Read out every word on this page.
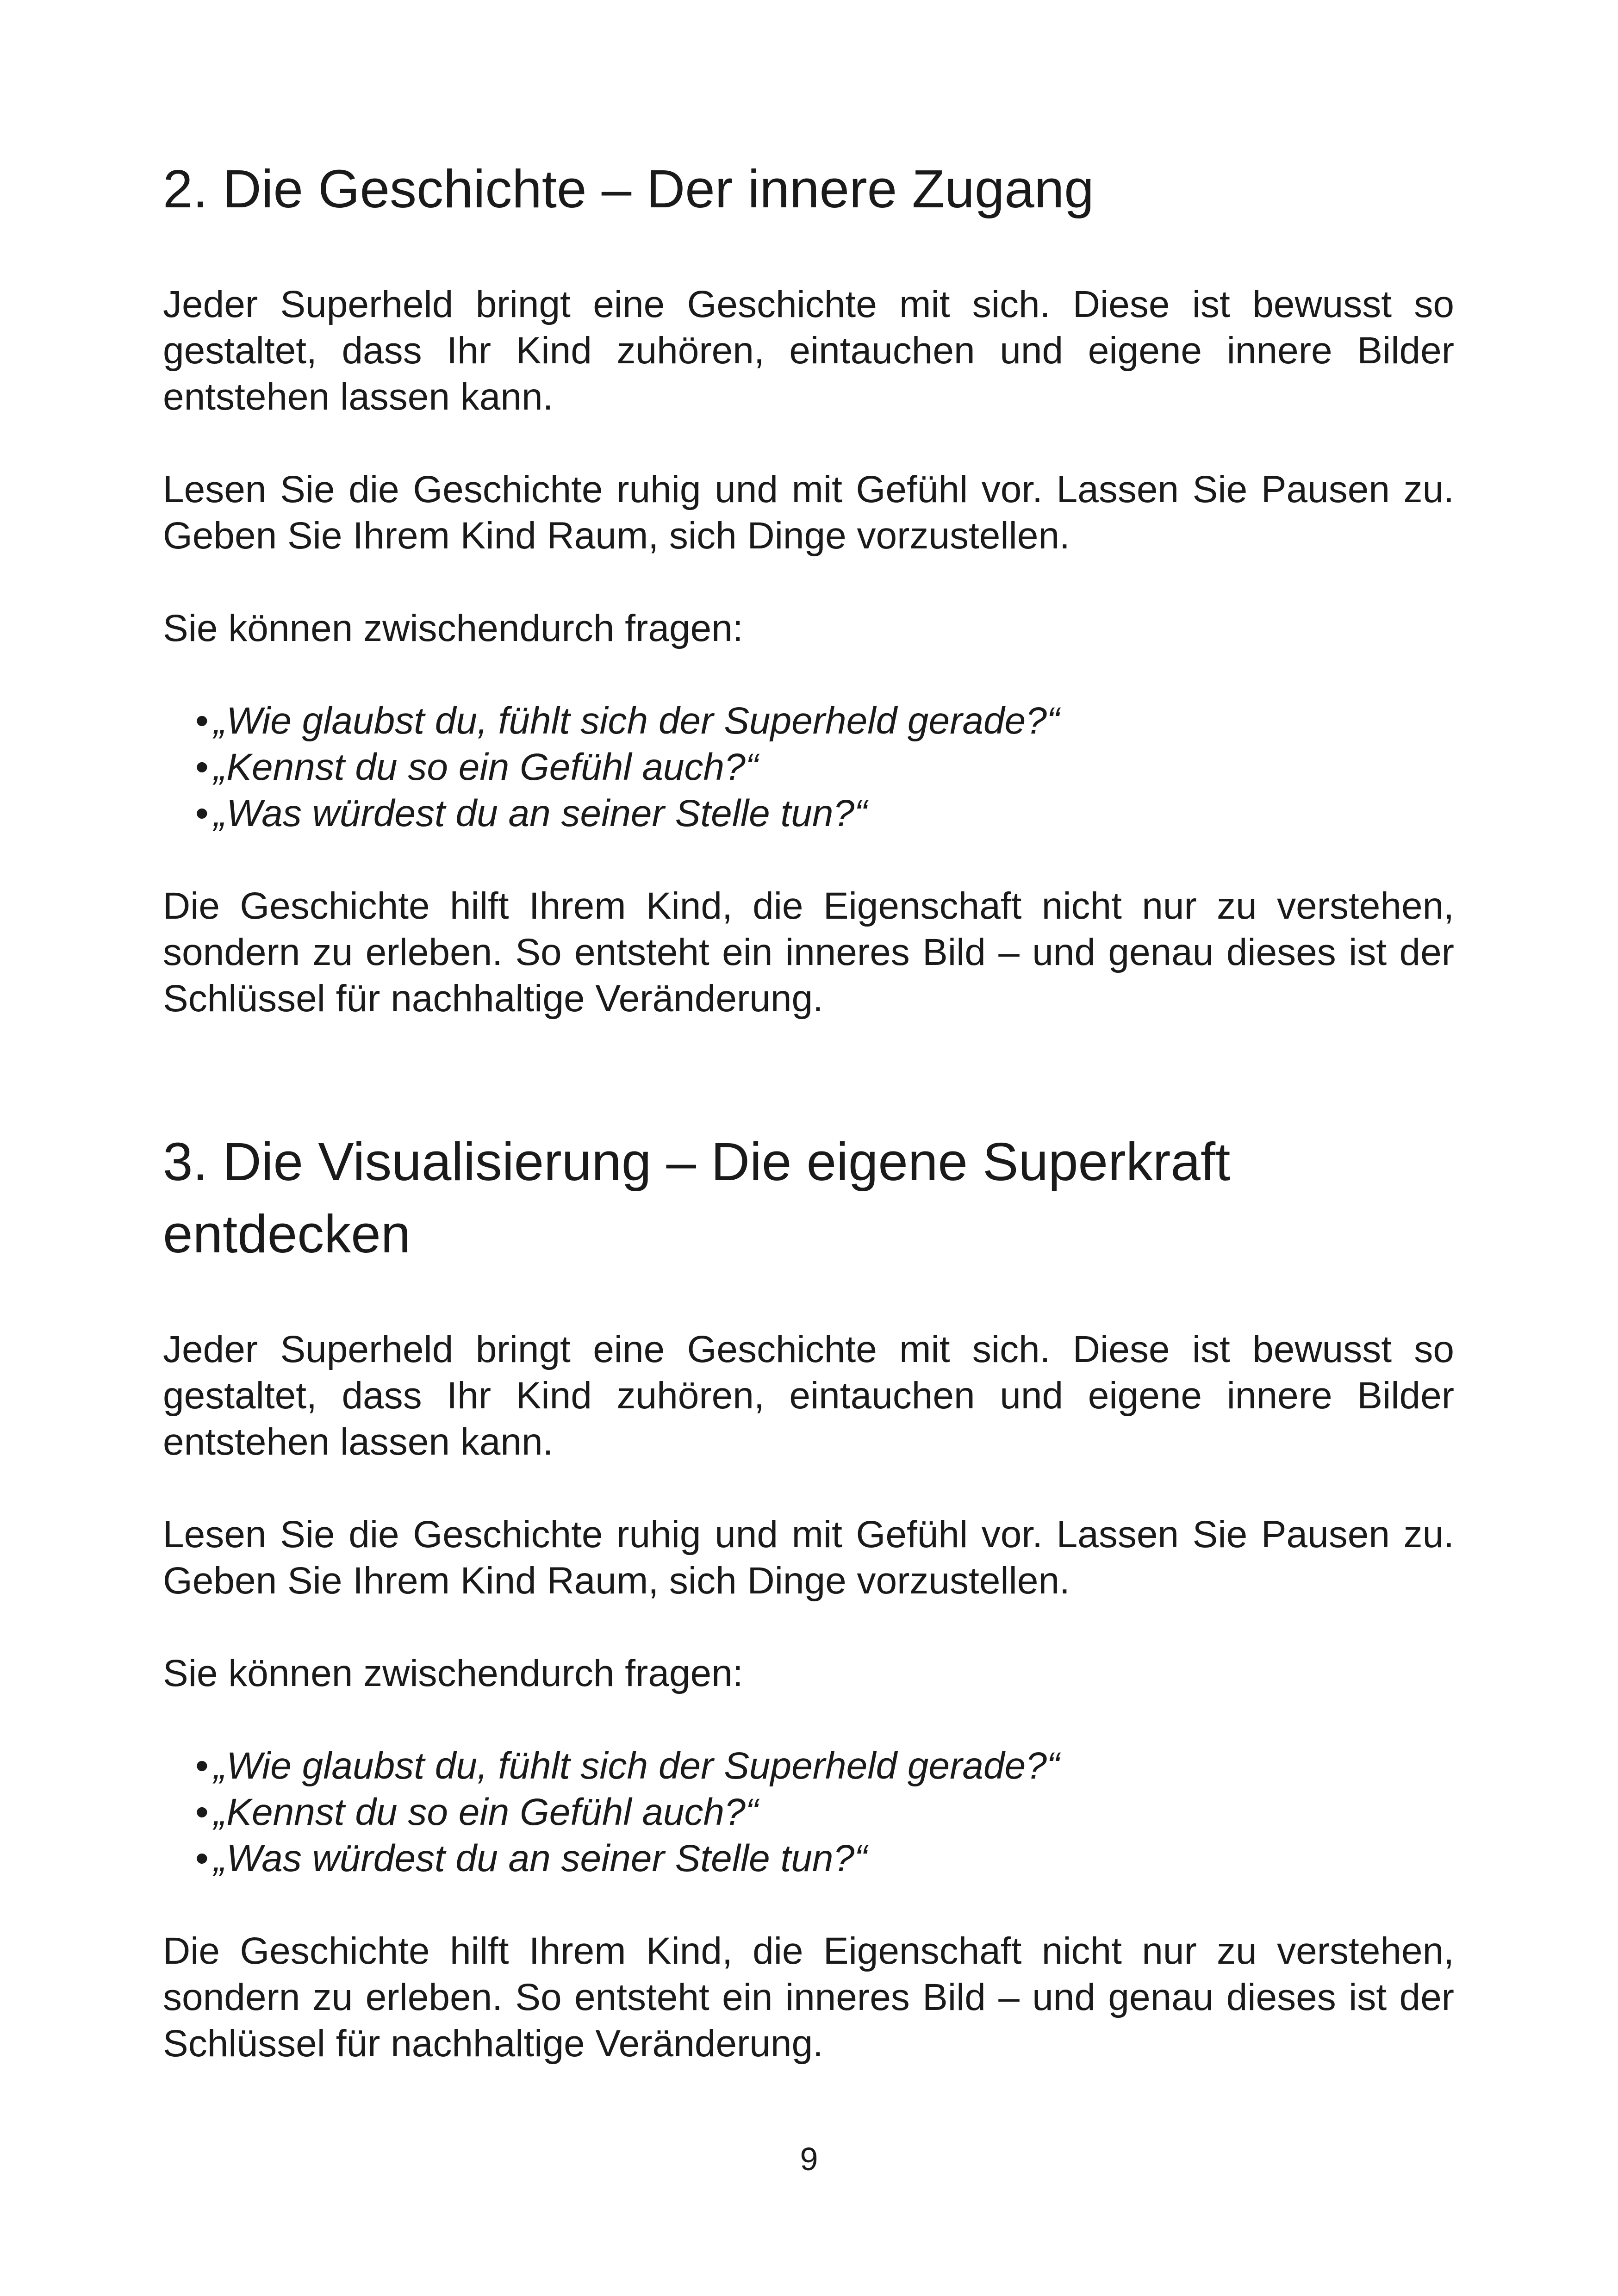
2. Die Geschichte – Der innere Zugang

Jeder Superheld bringt eine Geschichte mit sich. Diese ist bewusst so gestaltet, dass Ihr Kind zuhören, eintauchen und eigene innere Bilder entstehen lassen kann.

Lesen Sie die Geschichte ruhig und mit Gefühl vor. Lassen Sie Pausen zu. Geben Sie Ihrem Kind Raum, sich Dinge vorzustellen.

Sie können zwischendurch fragen:

• „Wie glaubst du, fühlt sich der Superheld gerade?“
• „Kennst du so ein Gefühl auch?“
• „Was würdest du an seiner Stelle tun?“

Die Geschichte hilft Ihrem Kind, die Eigenschaft nicht nur zu verstehen, sondern zu erleben. So entsteht ein inneres Bild – und genau dieses ist der Schlüssel für nachhaltige Veränderung.

3. Die Visualisierung – Die eigene Superkraft entdecken

Jeder Superheld bringt eine Geschichte mit sich. Diese ist bewusst so gestaltet, dass Ihr Kind zuhören, eintauchen und eigene innere Bilder entstehen lassen kann.

Lesen Sie die Geschichte ruhig und mit Gefühl vor. Lassen Sie Pausen zu. Geben Sie Ihrem Kind Raum, sich Dinge vorzustellen.

Sie können zwischendurch fragen:

• „Wie glaubst du, fühlt sich der Superheld gerade?“
• „Kennst du so ein Gefühl auch?“
• „Was würdest du an seiner Stelle tun?“

Die Geschichte hilft Ihrem Kind, die Eigenschaft nicht nur zu verstehen, sondern zu erleben. So entsteht ein inneres Bild – und genau dieses ist der Schlüssel für nachhaltige Veränderung.

9
